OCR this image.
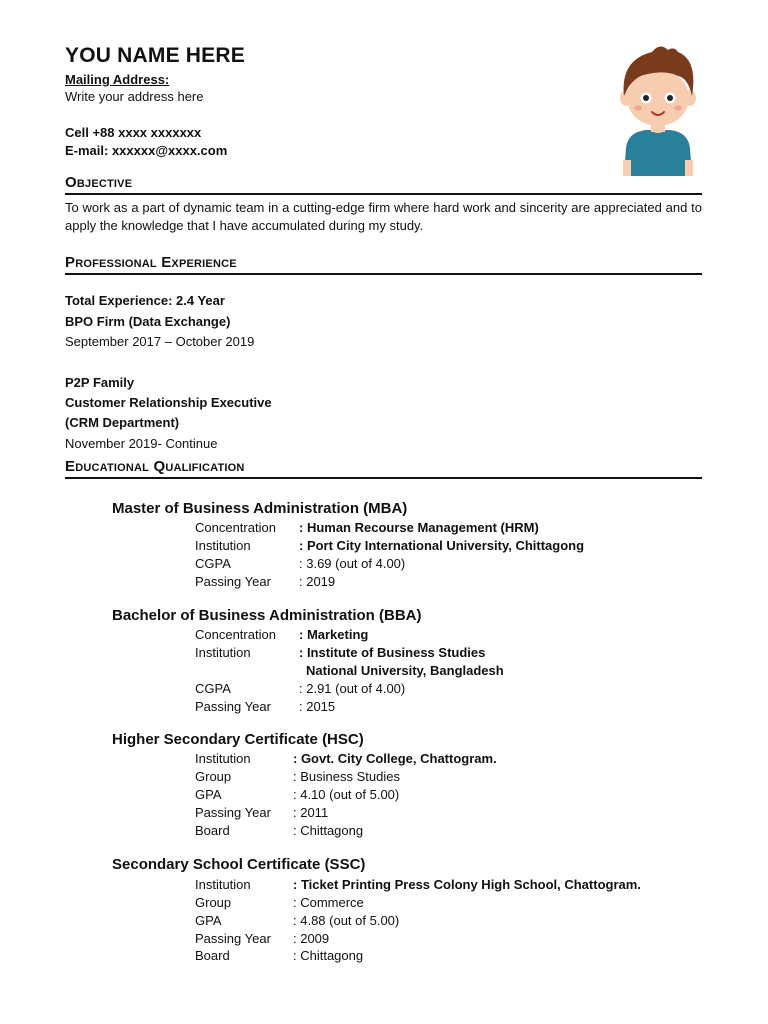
YOU NAME HERE
Mailing Address:
Write your address here
Cell +88 xxxx xxxxxxx
E-mail: xxxxxx@xxxx.com
Objective
To work as a part of dynamic team in a cutting-edge firm where hard work and sincerity are appreciated and to apply the knowledge that I have accumulated during my study.
Professional Experience
Total Experience: 2.4 Year
BPO Firm (Data Exchange)
September 2017 – October 2019
P2P Family
Customer Relationship Executive
(CRM Department)
November 2019- Continue
Educational Qualification
Master of Business Administration (MBA)
Concentration : Human Recourse Management (HRM)
Institution	: Port City International University, Chittagong
CGPA	: 3.69 (out of 4.00)
Passing Year : 2019
Bachelor of Business Administration (BBA)
Concentration : Marketing
Institution	: Institute of Business Studies
National University, Bangladesh
CGPA	: 2.91 (out of 4.00)
Passing Year : 2015
Higher Secondary Certificate (HSC)
Institution	: Govt. City College, Chattogram.
Group	: Business Studies
GPA	: 4.10 (out of 5.00)
Passing Year : 2011
Board	: Chittagong
Secondary School Certificate (SSC)
Institution	: Ticket Printing Press Colony High School, Chattogram.
Group	: Commerce
GPA	: 4.88 (out of 5.00)
Passing Year : 2009
Board	: Chittagong
